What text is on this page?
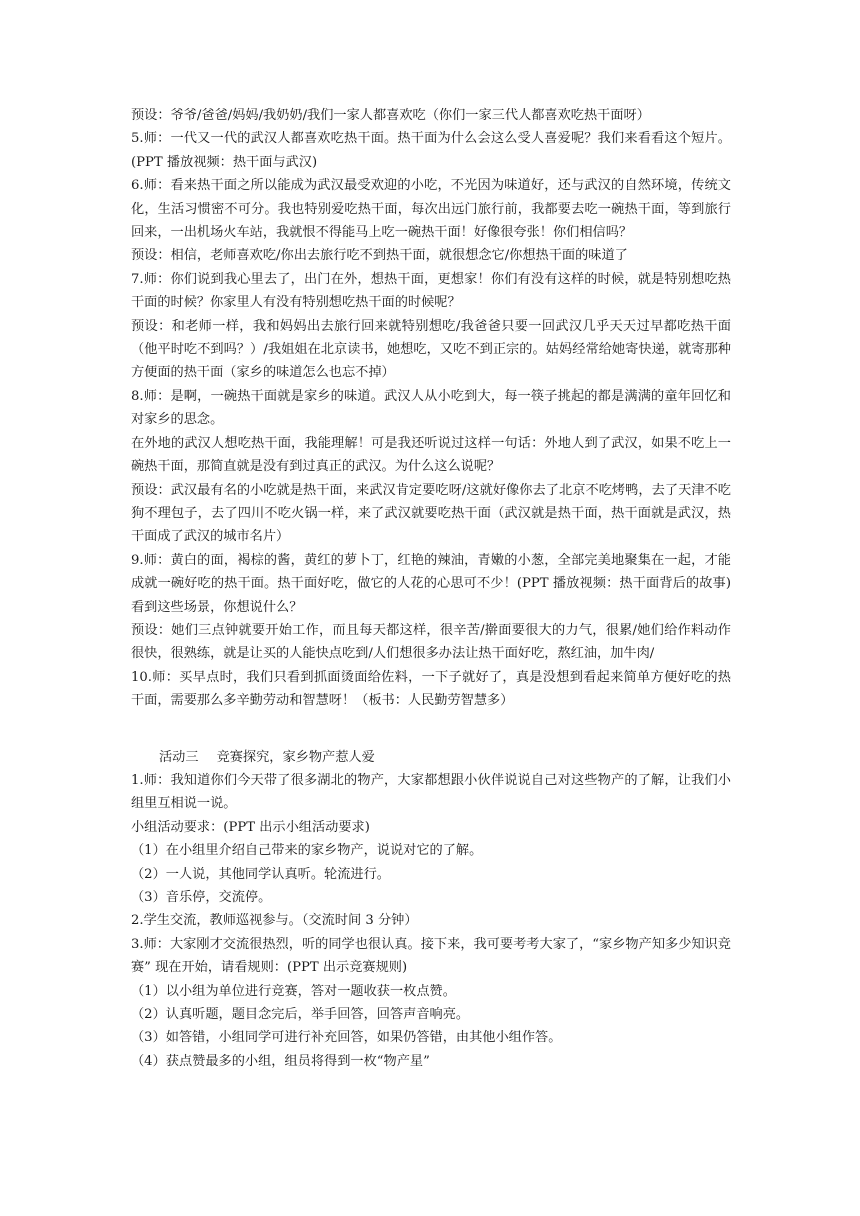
预设：爷爷/爸爸/妈妈/我奶奶/我们一家人都喜欢吃（你们一家三代人都喜欢吃热干面呀）

5.师：一代又一代的武汉人都喜欢吃热干面。热干面为什么会这么受人喜爱呢？我们来看看这个短片。(PPT 播放视频：热干面与武汉)

6.师：看来热干面之所以能成为武汉最受欢迎的小吃，不光因为味道好，还与武汉的自然环境，传统文化，生活习惯密不可分。我也特别爱吃热干面，每次出远门旅行前，我都要去吃一碗热干面，等到旅行回来，一出机场火车站，我就恨不得能马上吃一碗热干面！好像很夸张！你们相信吗？

预设：相信，老师喜欢吃/你出去旅行吃不到热干面，就很想念它/你想热干面的味道了

7.师：你们说到我心里去了，出门在外，想热干面，更想家！你们有没有这样的时候，就是特别想吃热干面的时候？你家里人有没有特别想吃热干面的时候呢？

预设：和老师一样，我和妈妈出去旅行回来就特别想吃/我爸爸只要一回武汉几乎天天过早都吃热干面（他平时吃不到吗？）/我姐姐在北京读书，她想吃，又吃不到正宗的。姑妈经常给她寄快递，就寄那种方便面的热干面（家乡的味道怎么也忘不掉）

8.师：是啊，一碗热干面就是家乡的味道。武汉人从小吃到大，每一筷子挑起的都是满满的童年回忆和对家乡的思念。

在外地的武汉人想吃热干面，我能理解！可是我还听说过这样一句话：外地人到了武汉，如果不吃上一碗热干面，那简直就是没有到过真正的武汉。为什么这么说呢？

预设：武汉最有名的小吃就是热干面，来武汉肯定要吃呀/这就好像你去了北京不吃烤鸭，去了天津不吃狗不理包子，去了四川不吃火锅一样，来了武汉就要吃热干面（武汉就是热干面，热干面就是武汉，热干面成了武汉的城市名片）

9.师：黄白的面，褐棕的酱，黄红的萝卜丁，红艳的辣油，青嫩的小葱，全部完美地聚集在一起，才能成就一碗好吃的热干面。热干面好吃，做它的人花的心思可不少！(PPT 播放视频：热干面背后的故事)看到这些场景，你想说什么？

预设：她们三点钟就要开始工作，而且每天都这样，很辛苦/擀面要很大的力气，很累/她们给作料动作很快，很熟练，就是让买的人能快点吃到/人们想很多办法让热干面好吃，熬红油，加牛肉/

10.师：买早点时，我们只看到抓面烫面给佐料，一下子就好了，真是没想到看起来简单方便好吃的热干面，需要那么多辛勤劳动和智慧呀！（板书：人民勤劳智慧多）

活动三 竞赛探究，家乡物产惹人爱

1.师：我知道你们今天带了很多湖北的物产，大家都想跟小伙伴说说自己对这些物产的了解，让我们小组里互相说一说。

小组活动要求：(PPT 出示小组活动要求)

（1）在小组里介绍自己带来的家乡物产，说说对它的了解。

（2）一人说，其他同学认真听。轮流进行。

（3）音乐停，交流停。

2.学生交流，教师巡视参与。（交流时间 3 分钟）

3.师：大家刚才交流很热烈，听的同学也很认真。接下来，我可要考考大家了，“家乡物产知多少知识竞赛” 现在开始，请看规则：(PPT 出示竞赛规则)

（1）以小组为单位进行竞赛，答对一题收获一枚点赞。

（2）认真听题，题目念完后，举手回答，回答声音响亮。

（3）如答错，小组同学可进行补充回答，如果仍答错，由其他小组作答。

（4）获点赞最多的小组，组员将得到一枚“物产星”
